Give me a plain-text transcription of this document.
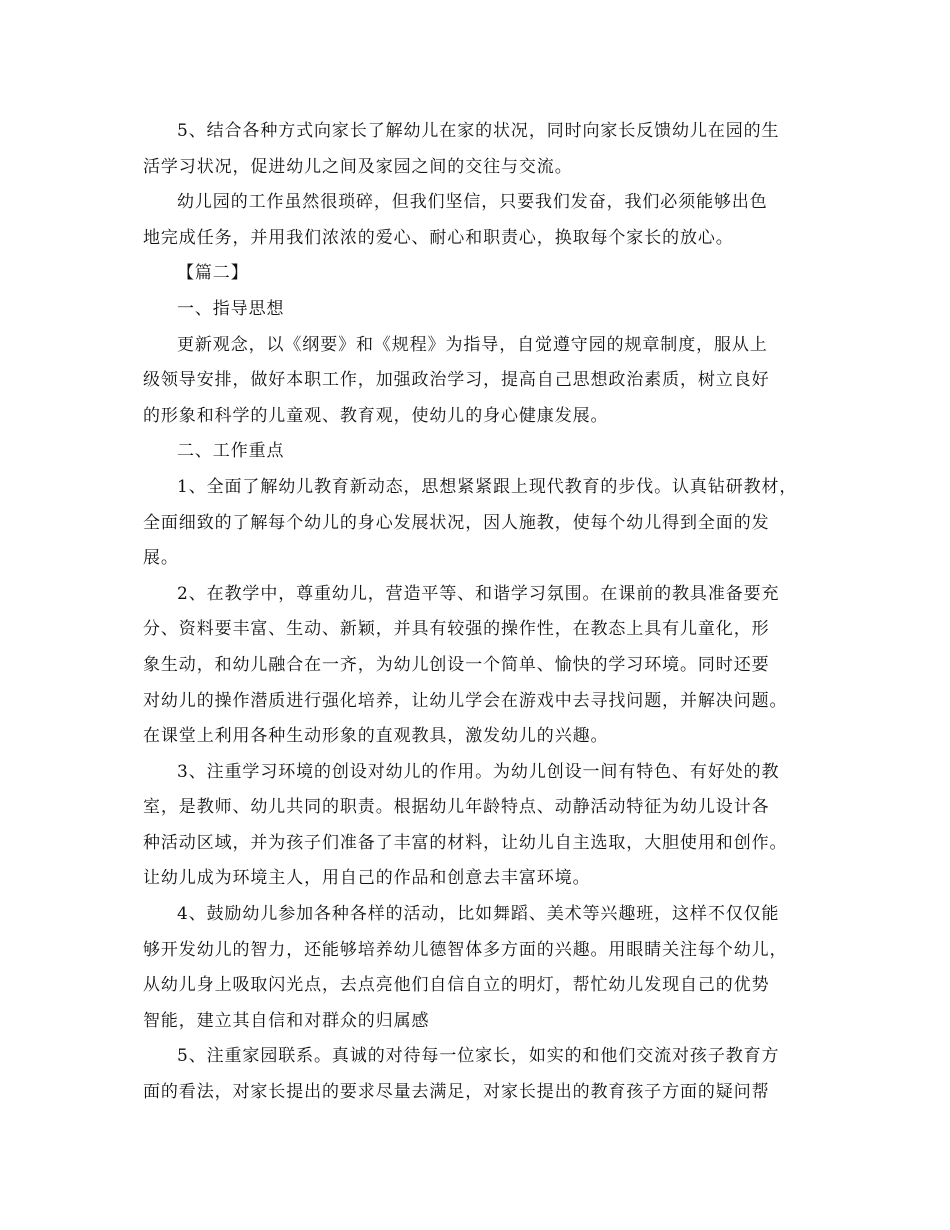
5、结合各种方式向家长了解幼儿在家的状况，同时向家长反馈幼儿在园的生
活学习状况，促进幼儿之间及家园之间的交往与交流。

幼儿园的工作虽然很琐碎，但我们坚信，只要我们发奋，我们必须能够出色
地完成任务，并用我们浓浓的爱心、耐心和职责心，换取每个家长的放心。

【篇二】

一、指导思想

更新观念，以《纲要》和《规程》为指导，自觉遵守园的规章制度，服从上
级领导安排，做好本职工作，加强政治学习，提高自己思想政治素质，树立良好
的形象和科学的儿童观、教育观，使幼儿的身心健康发展。

二、工作重点

1、全面了解幼儿教育新动态，思想紧紧跟上现代教育的步伐。认真钻研教材，
全面细致的了解每个幼儿的身心发展状况，因人施教，使每个幼儿得到全面的发
展。

2、在教学中，尊重幼儿，营造平等、和谐学习氛围。在课前的教具准备要充
分、资料要丰富、生动、新颖，并具有较强的操作性，在教态上具有儿童化，形
象生动，和幼儿融合在一齐，为幼儿创设一个简单、愉快的学习环境。同时还要
对幼儿的操作潜质进行强化培养，让幼儿学会在游戏中去寻找问题，并解决问题。
在课堂上利用各种生动形象的直观教具，激发幼儿的兴趣。

3、注重学习环境的创设对幼儿的作用。为幼儿创设一间有特色、有好处的教
室，是教师、幼儿共同的职责。根据幼儿年龄特点、动静活动特征为幼儿设计各
种活动区域，并为孩子们准备了丰富的材料，让幼儿自主选取，大胆使用和创作。
让幼儿成为环境主人，用自己的作品和创意去丰富环境。

4、鼓励幼儿参加各种各样的活动，比如舞蹈、美术等兴趣班，这样不仅仅能
够开发幼儿的智力，还能够培养幼儿德智体多方面的兴趣。用眼睛关注每个幼儿，
从幼儿身上吸取闪光点，去点亮他们自信自立的明灯，帮忙幼儿发现自己的优势
智能，建立其自信和对群众的归属感

5、注重家园联系。真诚的对待每一位家长，如实的和他们交流对孩子教育方
面的看法，对家长提出的要求尽量去满足，对家长提出的教育孩子方面的疑问帮
